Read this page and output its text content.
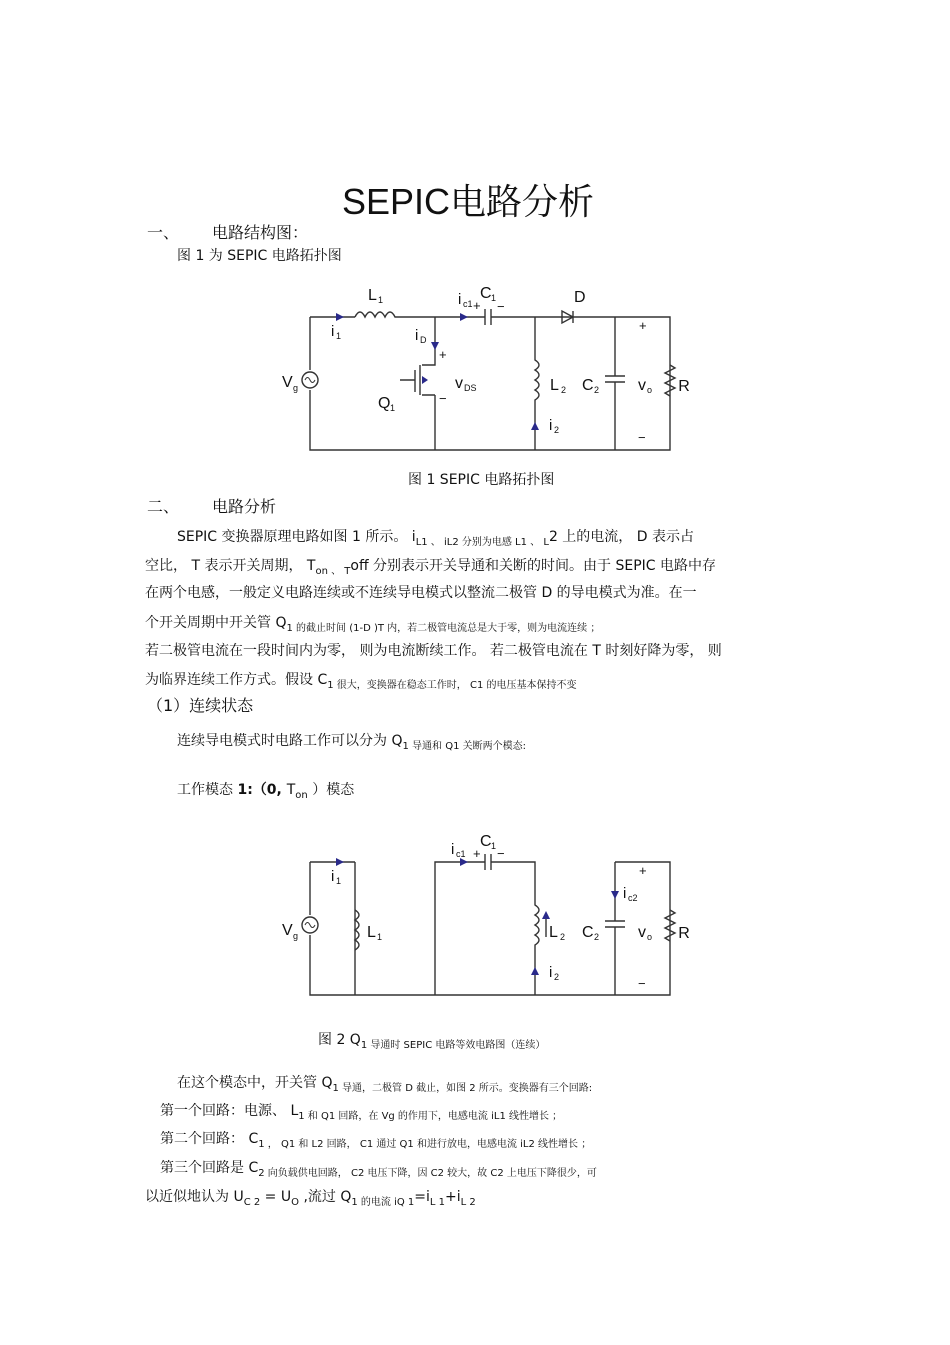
SEPIC电路分析
一、 电路结构图：
图 1 为 SEPIC 电路拓扑图
L 1	i c1 +
C 1
−
D
i 1	i D
+
v DS
−
V g
Q 1
L 2 C 2
+
v o
−
R
i 2
图 1 SEPIC 电路拓扑图
二、 电路分析
SEPIC 变换器原理电路如图 1 所示。 $i_{L1 、 iL2 分别为电感 L1 、 L}2$ 上的电流， D 表示占
空比， T 表示开关周期， $T_{on 、 T}off$ 分别表示开关导通和关断的时间。由于 SEPIC 电路中存
在两个电感，一般定义电路连续或不连续导电模式以整流二极管 D 的导电模式为准。在一
个开关周期中开关管 $Q_{1 的截止时间 (1-D )T 内,若二极管电流总是大于零,则为电流连续 ;}$
若二极管电流在一段时间内为零， 则为电流断续工作。 若二极管电流在 T 时刻好降为零， 则
为临界连续工作方式。假设 $C_{1 很大,变换器在稳态工作时, C1 的电压基本保持不变}$
（1）连续状态
连续导电模式时电路工作可以分为 $Q_{1 导通和 Q1 关断两个模态:}$
工作模态 1:（0, $T_{on}$ ）模态
i c1 +
C 1 −
i 1
V g	L 1	L 2 C 2
i c2
+
v o
−
R
i 2
图 2 $Q_{1 导通时 SEPIC 电路等效电路图(连续)}$
在这个模态中，开关管 $Q_{1 导通,二极管 D 截止,如图 2 所示。变换器有三个回路:}$
第一个回路：电源、 $L_{1 和 Q1 回路,在 Vg 的作用下,电感电流 iL1 线性增长 ;}$
第二个回路： $C_{1 , Q1 和 L2 回路, C1 通过 Q1 和进行放电,电感电流 iL2 线性增长 ;}$
第三个回路是 $C_{2 向负载供电回路, C2 电压下降,因 C2 较大,故 C2 上电压下降很少,可}$
以近似地认为 $U_{C 2} = U_O$ ,流过 $Q_{1 的电流 iQ 1}=i_{L 1}+i_{L 2}$
